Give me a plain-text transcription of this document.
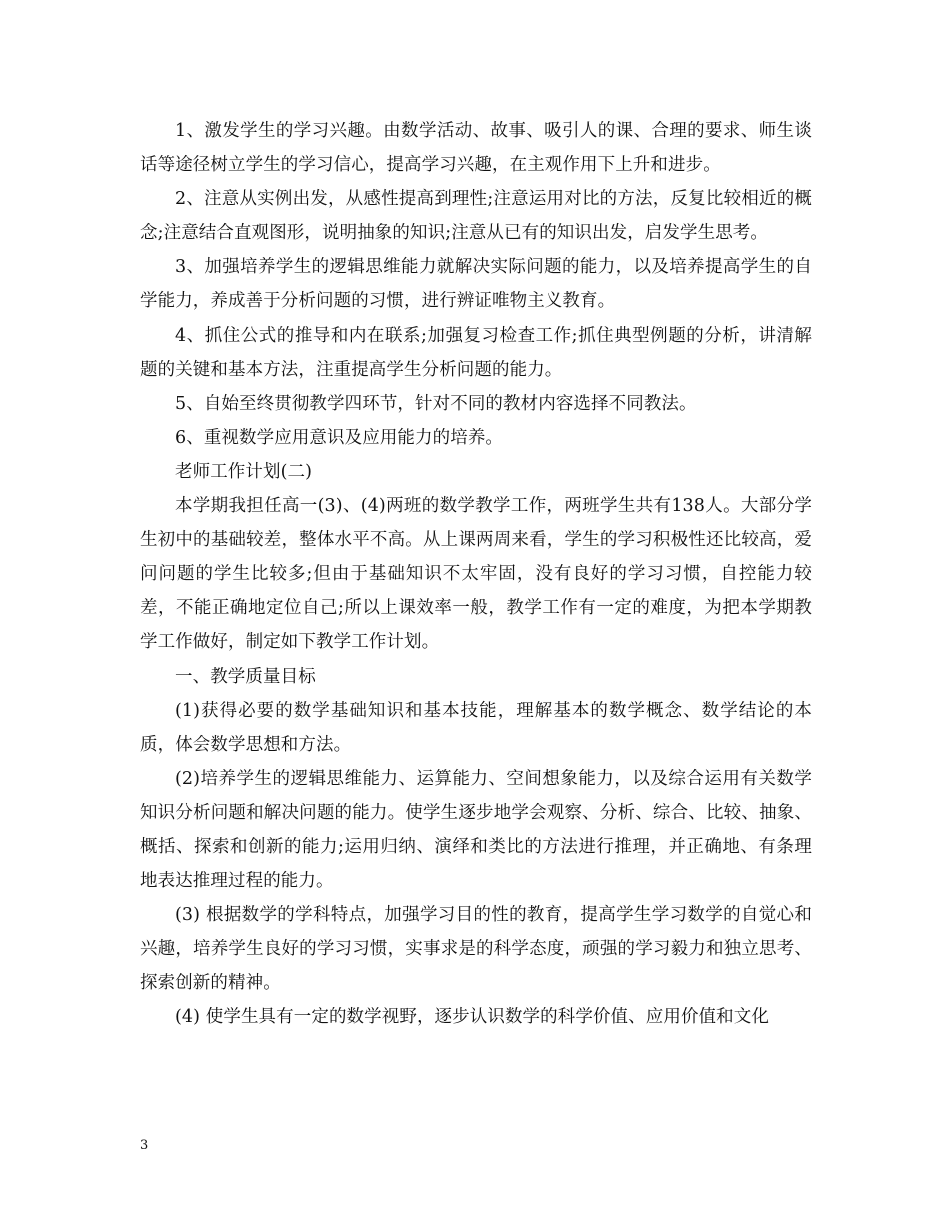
1、激发学生的学习兴趣。由数学活动、故事、吸引人的课、合理的要求、师生谈话等途径树立学生的学习信心，提高学习兴趣，在主观作用下上升和进步。

2、注意从实例出发，从感性提高到理性;注意运用对比的方法，反复比较相近的概念;注意结合直观图形，说明抽象的知识;注意从已有的知识出发，启发学生思考。

3、加强培养学生的逻辑思维能力就解决实际问题的能力，以及培养提高学生的自学能力，养成善于分析问题的习惯，进行辨证唯物主义教育。

4、抓住公式的推导和内在联系;加强复习检查工作;抓住典型例题的分析，讲清解题的关键和基本方法，注重提高学生分析问题的能力。

5、自始至终贯彻教学四环节，针对不同的教材内容选择不同教法。

6、重视数学应用意识及应用能力的培养。

老师工作计划(二)

本学期我担任高一(3)、(4)两班的数学教学工作，两班学生共有138人。大部分学生初中的基础较差，整体水平不高。从上课两周来看，学生的学习积极性还比较高，爱问问题的学生比较多;但由于基础知识不太牢固，没有良好的学习习惯，自控能力较差，不能正确地定位自己;所以上课效率一般，教学工作有一定的难度，为把本学期教学工作做好，制定如下教学工作计划。

一、教学质量目标

(1)获得必要的数学基础知识和基本技能，理解基本的数学概念、数学结论的本质，体会数学思想和方法。

(2)培养学生的逻辑思维能力、运算能力、空间想象能力，以及综合运用有关数学知识分析问题和解决问题的能力。使学生逐步地学会观察、分析、综合、比较、抽象、概括、探索和创新的能力;运用归纳、演绎和类比的方法进行推理，并正确地、有条理地表达推理过程的能力。

(3) 根据数学的学科特点，加强学习目的性的教育，提高学生学习数学的自觉心和兴趣，培养学生良好的学习习惯，实事求是的科学态度，顽强的学习毅力和独立思考、探索创新的精神。

(4) 使学生具有一定的数学视野，逐步认识数学的科学价值、应用价值和文化

3
